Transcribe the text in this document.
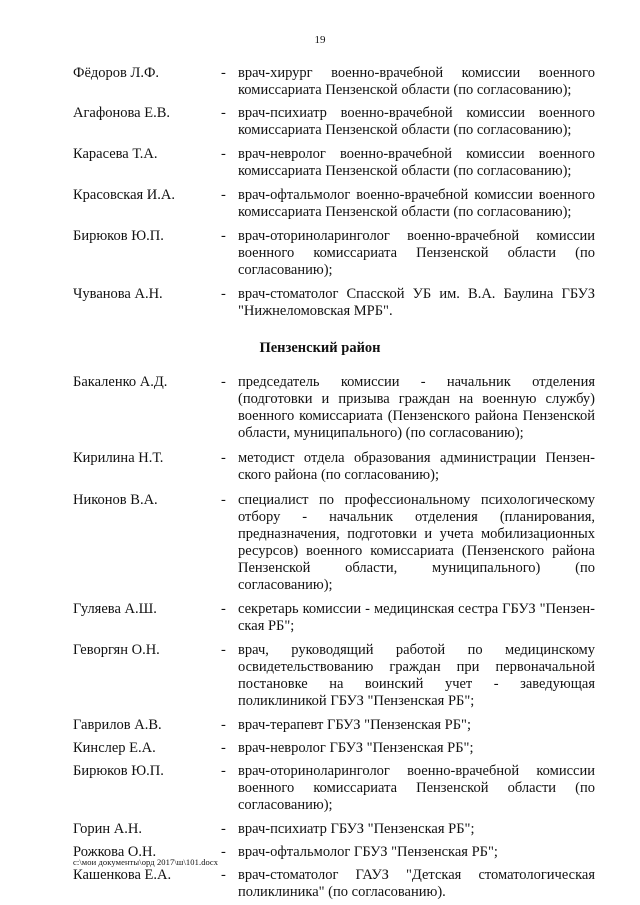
19
Фёдоров Л.Ф.	- врач-хирург военно-врачебной комиссии военного комиссариата Пензенской области (по согласованию);
Агафонова Е.В.	- врач-психиатр военно-врачебной комиссии военного комиссариата Пензенской области (по согласованию);
Карасева Т.А.	- врач-невролог военно-врачебной комиссии военного комиссариата Пензенской области (по согласованию);
Красовская И.А.	- врач-офтальмолог военно-врачебной комиссии военного комиссариата Пензенской области (по согласованию);
Бирюков Ю.П.	- врач-оториноларинголог военно-врачебной комиссии военного комиссариата Пензенской области (по согласованию);
Чуванова А.Н.	- врач-стоматолог Спасской УБ им. В.А. Баулина ГБУЗ "Нижнеломовская МРБ".
Пензенский район
Бакаленко А.Д.	- председатель комиссии - начальник отделения (подготовки и призыва граждан на военную службу) военного комиссариата (Пензенского района Пензенской области, муниципального) (по согласованию);
Кирилина Н.Т.	- методист отдела образования администрации Пензенского района (по согласованию);
Никонов В.А.	- специалист по профессиональному психологическому отбору - начальник отделения (планирования, предназначения, подготовки и учета мобилизационных ресурсов) военного комиссариата (Пензенского района Пензенской области, муниципального) (по согласованию);
Гуляева А.Ш.	- секретарь комиссии - медицинская сестра ГБУЗ "Пензенская РБ";
Геворгян О.Н.	- врач, руководящий работой по медицинскому освидетельствованию граждан при первоначальной постановке на воинский учет - заведующая поликлиникой ГБУЗ "Пензенская РБ";
Гаврилов А.В.	- врач-терапевт ГБУЗ "Пензенская РБ";
Кинслер Е.А.	- врач-невролог ГБУЗ "Пензенская РБ";
Бирюков Ю.П.	- врач-оториноларинголог военно-врачебной комиссии военного комиссариата Пензенской области (по согласованию);
Горин А.Н.	- врач-психиатр ГБУЗ "Пензенская РБ";
Рожкова О.Н.	- врач-офтальмолог ГБУЗ "Пензенская РБ";
Кашенкова Е.А.	- врач-стоматолог ГАУЗ "Детская стоматологическая поликлиника" (по согласованию).
c:\мои документы\орд 2017\ш\101.docx
